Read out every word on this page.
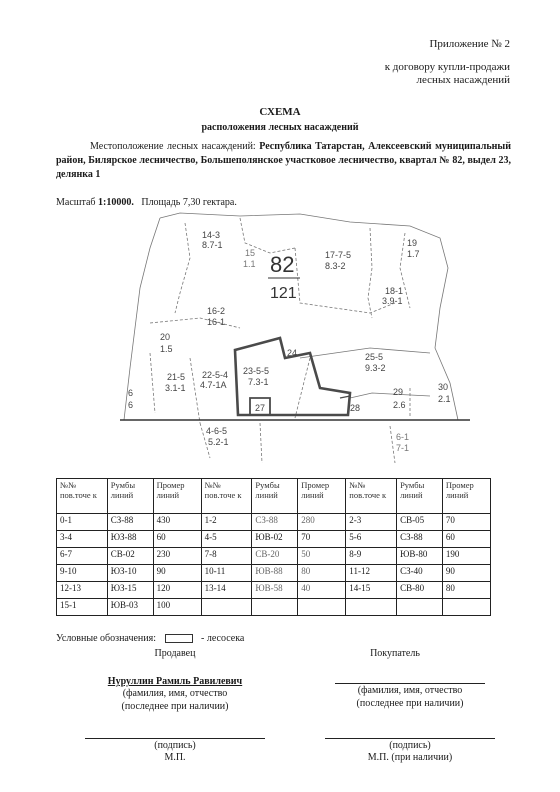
Приложение № 2
к договору купли-продажи
лесных насаждений
СХЕМА
расположения лесных насаждений
Местоположение лесных насаждений: Республика Татарстан, Алексеевский муниципальный район, Билярское лесничество, Большеполянское участковое лесничество, квартал № 82, выдел 23, делянка 1
Масштаб 1:10000. Площадь 7,30 гектара.
82
121
14-3
8.7-1
15
1.1
17-7-5
8.3-2
19
1.7
18-1
3.9-1
16-2
16-1
20
1.5
22-5-4
4.7-1А
23-5-5
7.3-1
24	25-5
9.3-2
21-5
3.1-1
27	28
29
2.6
30
2.1
4-6-5
5.2-1	6-1
7-1
6
6
№№ пов.точе к	Румбы линий	Промер линий	№№ пов.точе к	Румбы линий	Промер линий	№№ пов.точе к	Румбы линий	Промер линий
0-1	СЗ-88	430	1-2	СЗ-88	280	2-3	СВ-05	70
3-4	ЮЗ-88	60	4-5	ЮВ-02	70	5-6	СЗ-88	60
6-7	СВ-02	230	7-8	СВ-20	50	8-9	ЮВ-80	190
9-10	ЮЗ-10	90	10-11	ЮВ-88	80	11-12	СЗ-40	90
12-13	ЮЗ-15	120	13-14	ЮВ-58	40	14-15	СВ-80	80
15-1	ЮВ-03	100						
Условные обозначения:	- лесосека
Продавец	Покупатель
Нуруллин Рамиль Равилевич
(фамилия, имя, отчество
(последнее при наличии)
(фамилия, имя, отчество
(последнее при наличии)
(подпись)
М.П.
(подпись)
М.П. (при наличии)
